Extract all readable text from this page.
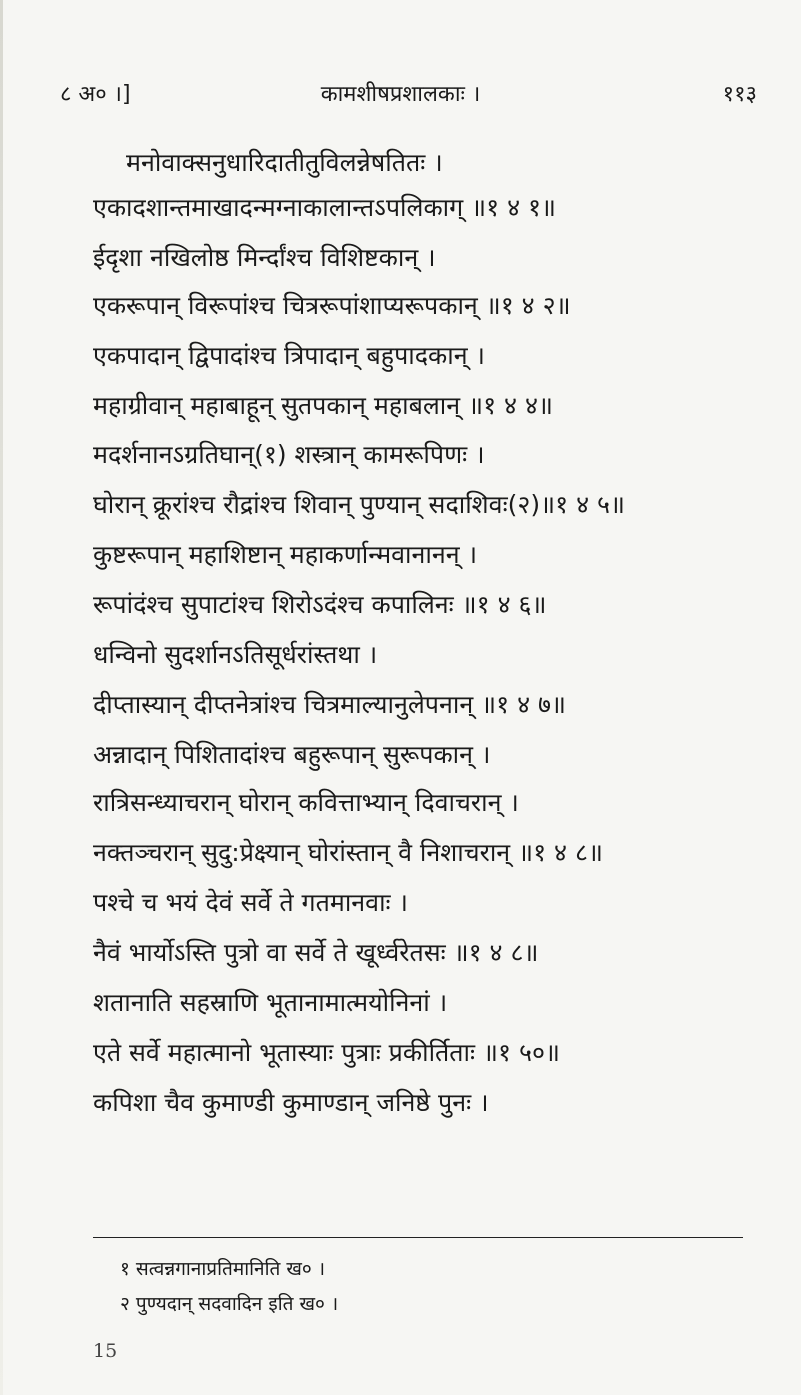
८ अ० ।]	कामशीषप्रशालकाः ।	११३
मनोवाक्सनुधारिदातीतुविलन्नेषतितः ।
एकादशान्तमाखादन्मग्नाकालान्तऽपलिकाग् ॥१ ४ १॥
ईदृशा नखिलोष्ठ मिर्न्दांश्च विशिष्टकान् ।
एकरूपान् विरूपांश्च चित्ररूपांशाप्यरूपकान् ॥१ ४ २॥
एकपादान् द्विपादांश्च त्रिपादान् बहुपादकान् ।
महाग्रीवान् महाबाहून् सुतपकान् महाबलान् ॥१ ४ ४॥
मदर्शनानऽग्रतिघान्(१) शस्त्रान् कामरूपिणः ।
घोरान् क्रूरांश्च रौद्रांश्च शिवान् पुण्यान् सदाशिवः(२)॥१ ४ ५॥
कुष्टरूपान् महाशिष्टान् महाकर्णान्मवानानन् ।
रूपांदंश्च सुपाटांश्च शिरोऽदंश्च कपालिनः ॥१ ४ ६॥
धन्विनो सुदर्शानऽतिसूर्धरांस्तथा ।
दीप्तास्यान् दीप्तनेत्रांश्च चित्रमाल्यानुलेपनान् ॥१ ४ ७॥
अन्नादान् पिशितादांश्च बहुरूपान् सुरूपकान् ।
रात्रिसन्ध्याचरान् घोरान् कवित्ताभ्यान् दिवाचरान् ।
नक्तञ्चरान् सुदु:प्रेक्ष्यान् घोरांस्तान् वै निशाचरान् ॥१ ४ ८॥
पश्चे च भयं देवं सर्वे ते गतमानवाः ।
नैवं भार्योऽस्ति पुत्रो वा सर्वे ते खूर्ध्वरेतसः ॥१ ४ ८॥
शतानाति सहस्राणि भूतानामात्मयोनिनां ।
एते सर्वे महात्मानो भूतास्याः पुत्राः प्रकीर्तिताः ॥१ ५०॥
कपिशा चैव कुमाण्डी कुमाण्डान् जनिष्ठे पुनः ।
१ सत्वन्नगानाप्रतिमानिति ख० ।
२ पुण्यदान् सदवादिन इति ख० ।
15
